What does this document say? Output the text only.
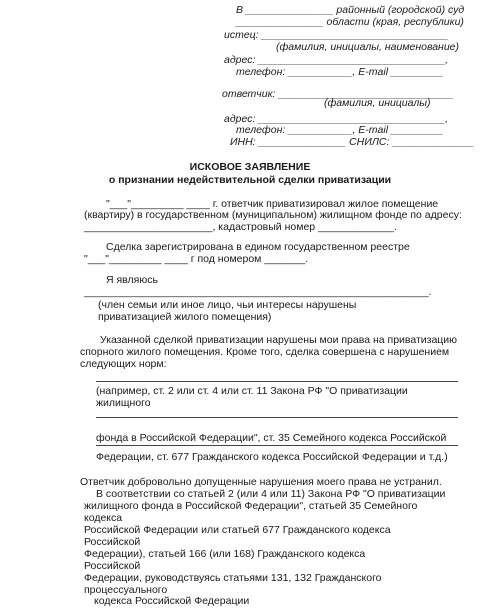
В _______________ районный (городской) суд
_______________ области (края, республики)
истец: ________________________________
(фамилия, инициалы, наименование)
адрес: ________________________________,
телефон: ___________, E-mail _________
ответчик: ______________________________
(фамилия, инициалы)
адрес: ________________________________,
телефон: ___________, E-mail _________
ИНН: _______________ СНИЛС: ______________
ИСКОВОЕ ЗАЯВЛЕНИЕ
о признании недействительной сделки приватизации
"___"_________ ____ г. ответчик приватизировал жилое помещение
(квартиру) в государственном (муниципальном) жилищном фонде по адресу:
______________________, кадастровый номер _____________.
Сделка зарегистрирована в едином государственном реестре
"___"_________ ____ г под номером _______.
Я являюсь
___________________________________________________________.
(член семьи или иное лицо, чьи интересы нарушены
приватизацией жилого помещения)
Указанной сделкой приватизации нарушены мои права на приватизацию
спорного жилого помещения. Кроме того, сделка совершена с нарушением
следующих норм:
(например, ст. 2 или ст. 4 или ст. 11 Закона РФ "О приватизации
жилищного
фонда в Российской Федерации", ст. 35 Семейного кодекса Российской
Федерации, ст. 677 Гражданского кодекса Российской Федерации и т.д.)
Ответчик добровольно допущенные нарушения моего права не устранил.
В соответствии со статьей 2 (или 4 или 11) Закона РФ "О приватизации
жилищного фонда в Российской Федерации", статьей 35 Семейного
кодекса
Российской Федерации или статьей 677 Гражданского кодекса
Российской
Федерации), статьей 166 (или 168) Гражданского кодекса
Российской
Федерации, руководствуясь статьями 131, 132 Гражданского
процессуального
кодекса Российской Федерации
